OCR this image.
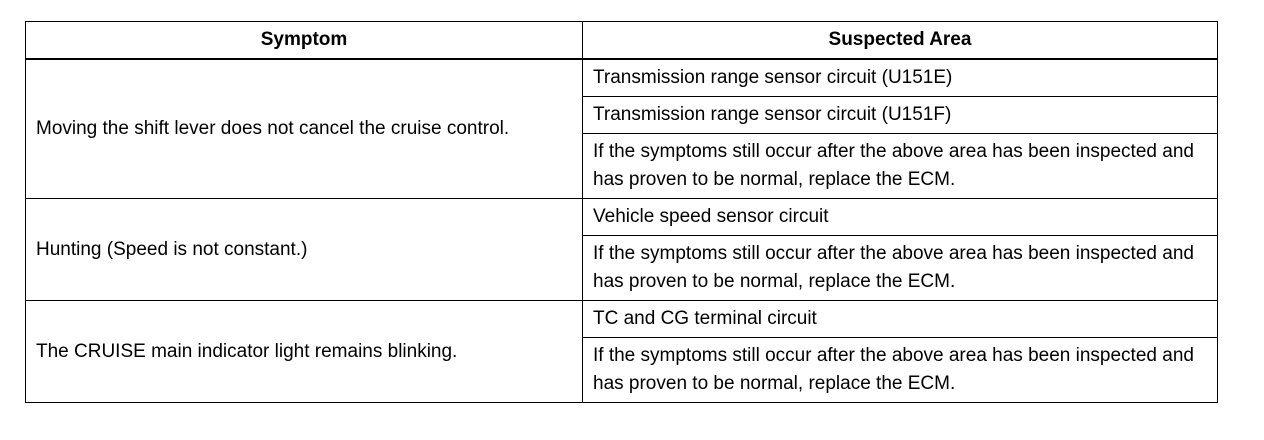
Symptom	Suspected Area
Moving the shift lever does not cancel the cruise control.	Transmission range sensor circuit (U151E)
	Transmission range sensor circuit (U151F)
	If the symptoms still occur after the above area has been inspected and has proven to be normal, replace the ECM.
Hunting (Speed is not constant.)	Vehicle speed sensor circuit
	If the symptoms still occur after the above area has been inspected and has proven to be normal, replace the ECM.
The CRUISE main indicator light remains blinking.	TC and CG terminal circuit
	If the symptoms still occur after the above area has been inspected and has proven to be normal, replace the ECM.
